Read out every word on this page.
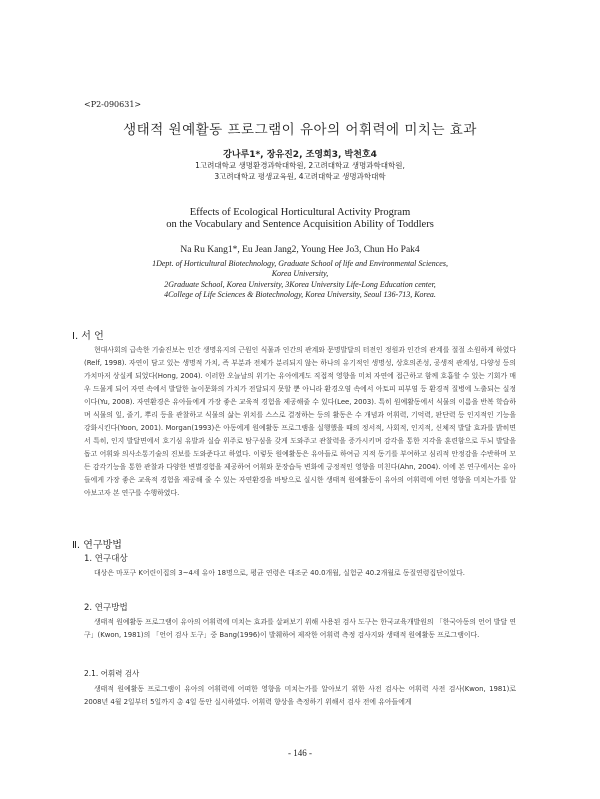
<P2-090631>
생태적 원예활동 프로그램이 유아의 어휘력에 미치는 효과
강나루1*, 장유진2, 조영희3, 박천호4
1고려대학교 생명환경과학대학원, 2고려대학교 생명과학대학원,
3고려대학교 평생교육원, 4고려대학교 생명과학대학
Effects of Ecological Horticultural Activity Program
on the Vocabulary and Sentence Acquisition Ability of Toddlers
Na Ru Kang1*, Eu Jean Jang2, Young Hee Jo3, Chun Ho Pak4
1Dept. of Horticultural Biotechnology, Graduate School of life and Environmental Sciences, Korea University,
2Graduate School, Korea University, 3Korea University Life-Long Education center,
4College of Life Sciences & Biotechnology, Korea University, Seoul 136-713, Korea.
Ⅰ. 서 언
현대사회의 급속한 기술진보는 인간 생명유지의 근원인 식물과 인간의 관계와 문명발달의 터전인 정원과 인간의 관계를 절절 소원하게 하였다(Relf, 1998). 자연이 담고 있는 생명적 가치, 즉 부분과 전체가 분리되지 않는 하나의 유기적인 생명성, 상호의존성, 공생적 관계성, 다양성 등의 가치마저 상실케 되었다(Hong, 2004). 이러한 오늘날의 위기는 유아에게도 직접적 영향을 미쳐 자연에 접근하고 함께 호흡할 수 있는 기회가 매우 드물게 되어 자연 속에서 발달한 놀이문화의 가치가 전달되지 못할 뿐 아니라 환경오염 속에서 아토피 피부염 등 환경적 질병에 노출되는 실정이다(Yu, 2008). 자연환경은 유아들에게 가장 좋은 교육적 경험을 제공해줄 수 있다(Lee, 2003). 특히 원예활동에서 식물의 이름을 반복 학습하며 식물의 잎, 줄기, 뿌리 등을 관찰하고 식물의 삶는 위치를 스스로 결정하는 등의 활동은 수 개념과 어휘력, 기억력, 판단력 등 인지적인 기능을 강화시킨다(Yoon, 2001). Morgan(1993)은 아동에게 원예활동 프로그램을 실행했을 때의 정서적, 사회적, 인지적, 신체적 발달 효과를 밝히면서 특히, 인지 발달면에서 호기심 유발과 실습 위주로 탐구심을 갖게 도와주고 관찰력을 증가시키며 감각을 통한 지각을 훈련함으로 두뇌 발달을 돕고 어휘와 의사소통기술의 진보를 도와준다고 하였다. 이렇듯 원예활동은 유아들로 하여금 지적 동기를 부여하고 심리적 안정감을 수반하며 모든 감각기능을 통한 관찰과 다양한 변별경험을 제공하여 어휘와 문장습득 변화에 긍정적인 영향을 미친다(Ahn, 2004). 이에 본 연구에서는 유아들에게 가장 좋은 교육적 경험을 제공해 줄 수 있는 자연환경을 바탕으로 실시한 생태적 원예활동이 유아의 어휘력에 어떤 영향을 미치는가를 알아보고자 본 연구를 수행하였다.
Ⅱ. 연구방법
1. 연구대상
대상은 마포구 K어린이집의 3~4세 유아 18명으로, 평균 연령은 대조군 40.0개월, 실험군 40.2개월로 동질연령집단이었다.
2. 연구방법
생태적 원예활동 프로그램이 유아의 어휘력에 미치는 효과를 살펴보기 위해 사용된 검사 도구는 한국교육개발원의 「한국아동의 언어 발달 연구」(Kwon, 1981)의 「언어 검사 도구」중 Bang(1996)이 발췌하여 제작한 어휘력 측정 검사지와 생태적 원예활동 프로그램이다.
2.1. 어휘력 검사
생태적 원예활동 프로그램이 유아의 어휘력에 어떠한 영향을 미치는가를 알아보기 위한 사전 검사는 어휘력 사전 검사(Kwon, 1981)로 2008년 4월 2일부터 5일까지 총 4일 동안 실시하였다. 어휘력 향상을 측정하기 위해서 검사 전에 유아들에게
- 146 -
